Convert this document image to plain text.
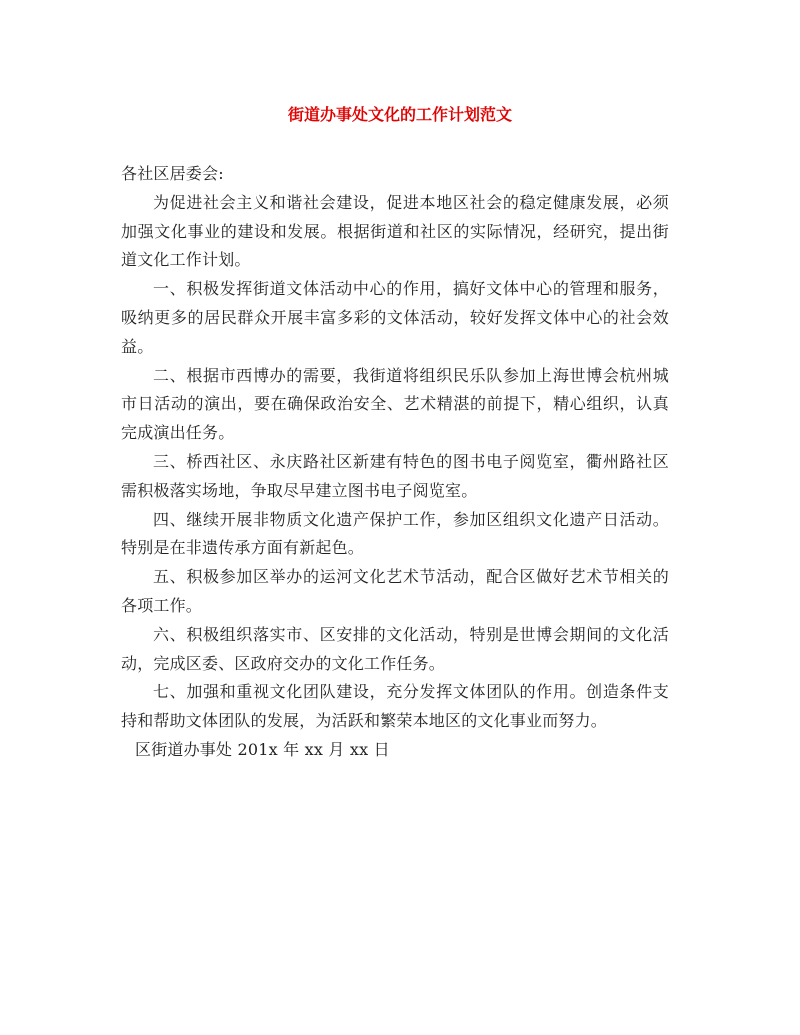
街道办事处文化的工作计划范文

各社区居委会:

为促进社会主义和谐社会建设，促进本地区社会的稳定健康发展，必须加强文化事业的建设和发展。根据街道和社区的实际情况，经研究，提出街道文化工作计划。

一、积极发挥街道文体活动中心的作用，搞好文体中心的管理和服务，吸纳更多的居民群众开展丰富多彩的文体活动，较好发挥文体中心的社会效益。

二、根据市西博办的需要，我街道将组织民乐队参加上海世博会杭州城市日活动的演出，要在确保政治安全、艺术精湛的前提下，精心组织，认真完成演出任务。

三、桥西社区、永庆路社区新建有特色的图书电子阅览室，衢州路社区需积极落实场地，争取尽早建立图书电子阅览室。

四、继续开展非物质文化遗产保护工作，参加区组织文化遗产日活动。特别是在非遗传承方面有新起色。

五、积极参加区举办的运河文化艺术节活动，配合区做好艺术节相关的各项工作。

六、积极组织落实市、区安排的文化活动，特别是世博会期间的文化活动，完成区委、区政府交办的文化工作任务。

七、加强和重视文化团队建设，充分发挥文体团队的作用。创造条件支持和帮助文体团队的发展，为活跃和繁荣本地区的文化事业而努力。

区街道办事处 201x 年 xx 月 xx 日
